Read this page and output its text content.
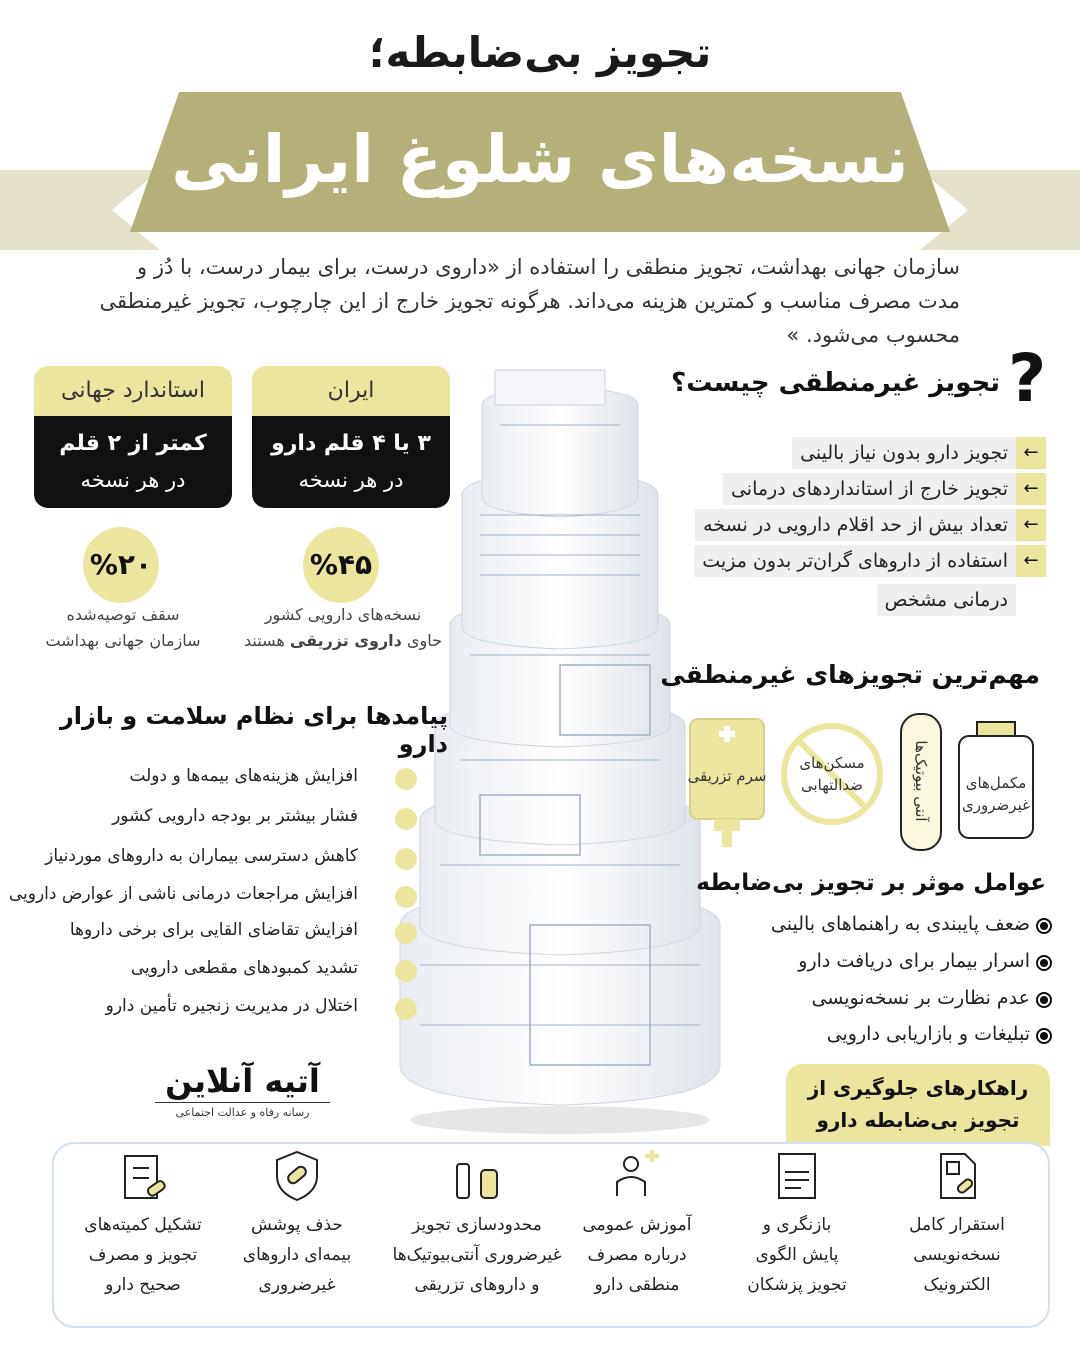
تجویز بی‌ضابطه؛
نسخه‌های شلوغ ایرانی
سازمان جهانی بهداشت، تجویز منطقی را استفاده از «داروی درست، برای بیمار درست، با دُز و مدت مصرف مناسب و کمترین هزینه می‌داند. هرگونه تجویز خارج از این چارچوب، تجویز غیرمنطقی محسوب می‌شود. »
ایران
۳ یا ۴ قلم دارو
در هر نسخه
استاندارد جهانی
کمتر از ۲ قلم
در هر نسخه
%۴۵
%۲۰
نسخه‌های دارویی کشور
حاوی داروی تزریقی هستند
سقف توصیه‌شده
سازمان جهانی بهداشت
?
تجویز غیرمنطقی چیست؟
تجویز دارو بدون نیاز بالینی
تجویز خارج از استانداردهای درمانی
تعداد بیش از حد اقلام دارویی در نسخه
استفاده از داروهای گران‌تر بدون مزیت
درمانی مشخص
←
←
←
←
مهم‌ترین تجویزهای غیرمنطقی
مکمل‌های غیرضروری
آنتی بیوتیک‌ها
مسکن‌های ضدالتهابی
سرم تزریقی
پیامدها برای نظام سلامت و بازار دارو
افزایش هزینه‌های بیمه‌ها و دولت
فشار بیشتر بر بودجه دارویی کشور
کاهش دسترسی بیماران به داروهای موردنیاز
افزایش مراجعات درمانی ناشی از عوارض دارویی
افزایش تقاضای القایی برای برخی داروها
تشدید کمبودهای مقطعی دارویی
اختلال در مدیریت زنجیره تأمین دارو
عوامل موثر بر تجویز بی‌ضابطه
ضعف پایبندی به راهنماهای بالینی
اسرار بیمار برای دریافت دارو
عدم نظارت بر نسخه‌نویسی
تبلیغات و بازاریابی دارویی
آتیه آنلاین
رسانه رفاه و عدالت اجتماعی
راهکارهای جلوگیری از
تجویز بی‌ضابطه دارو
استقرار کامل
نسخه‌نویسی
الکترونیک
بازنگری و
پایش الگوی
تجویز پزشکان
آموزش عمومی
درباره مصرف
منطقی دارو
محدودسازی تجویز
غیرضروری آنتی‌بیوتیک‌ها
و داروهای تزریقی
حذف پوشش
بیمه‌ای داروهای
غیرضروری
تشکیل کمیته‌های
تجویز و مصرف
صحیح دارو
